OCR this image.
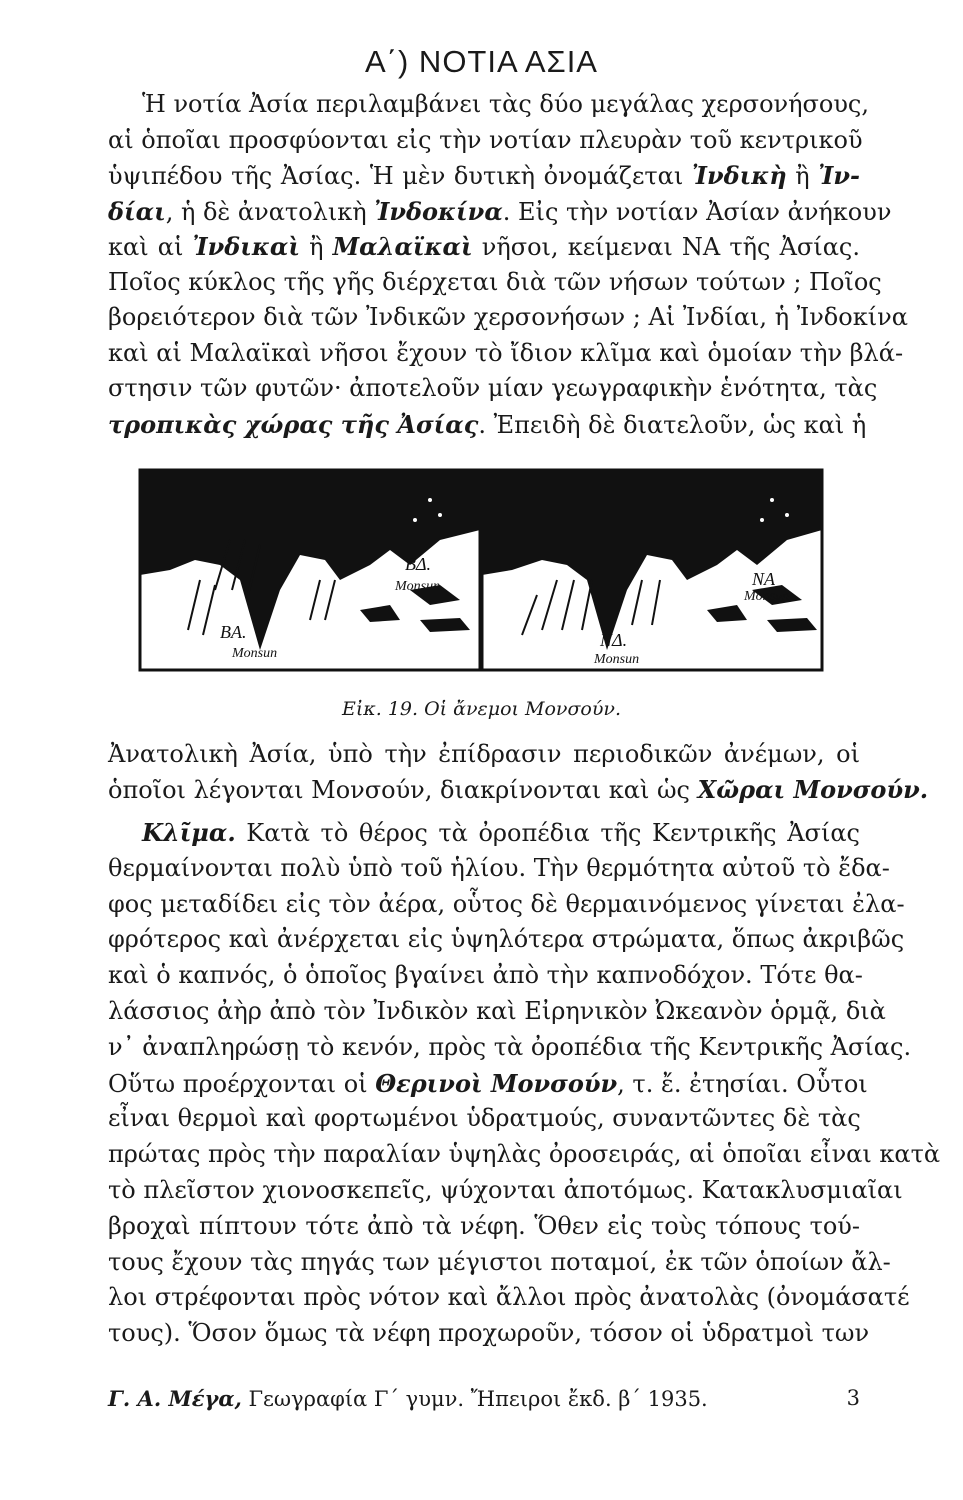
Α΄) ΝΟΤΙΑ ΑΣΙΑ
Ἡ νοτία Ἀσία περιλαμβάνει τὰς δύο μεγάλας χερσονήσους,
αἱ ὁποῖαι προσφύονται εἰς τὴν νοτίαν πλευρὰν τοῦ κεντρικοῦ
ὑψιπέδου τῆς Ἀσίας. Ἡ μὲν δυτικὴ ὀνομάζεται Ἰνδικὴ ἢ Ἰν-
δίαι, ἡ δὲ ἀνατολικὴ Ἰνδοκίνα. Εἰς τὴν νοτίαν Ἀσίαν ἀνήκουν
καὶ αἱ Ἰνδικαὶ ἢ Μαλαϊκαὶ νῆσοι, κείμεναι ΝΑ τῆς Ἀσίας.
Ποῖος κύκλος τῆς γῆς διέρχεται διὰ τῶν νήσων τούτων ; Ποῖος
βορειότερον διὰ τῶν Ἰνδικῶν χερσονήσων ; Αἱ Ἰνδίαι, ἡ Ἰνδοκίνα
καὶ αἱ Μαλαϊκαὶ νῆσοι ἔχουν τὸ ἴδιον κλῖμα καὶ ὁμοίαν τὴν βλά-
στησιν τῶν φυτῶν· ἀποτελοῦν μίαν γεωγραφικὴν ἑνότητα, τὰς
τροπικὰς χώρας τῆς Ἀσίας. Ἐπειδὴ δὲ διατελοῦν, ὡς καὶ ἡ
ΒΔ.
Monsun
ΒΑ.
Monsun
ΝΑ
Monsun
ΝΔ.
Monsun
Εἰκ. 19. Οἱ ἄνεμοι Μονσούν.
Ἀνατολικὴ Ἀσία, ὑπὸ τὴν ἐπίδρασιν περιοδικῶν ἀνέμων, οἱ
ὁποῖοι λέγονται Μονσούν, διακρίνονται καὶ ὡς Χῶραι Μονσούν.
Κλῖμα. Κατὰ τὸ θέρος τὰ ὀροπέδια τῆς Κεντρικῆς Ἀσίας
θερμαίνονται πολὺ ὑπὸ τοῦ ἡλίου. Τὴν θερμότητα αὐτοῦ τὸ ἔδα-
φος μεταδίδει εἰς τὸν ἀέρα, οὗτος δὲ θερμαινόμενος γίνεται ἐλα-
φρότερος καὶ ἀνέρχεται εἰς ὑψηλότερα στρώματα, ὅπως ἀκριβῶς
καὶ ὁ καπνός, ὁ ὁποῖος βγαίνει ἀπὸ τὴν καπνοδόχον. Τότε θα-
λάσσιος ἀὴρ ἀπὸ τὸν Ἰνδικὸν καὶ Εἰρηνικὸν Ὠκεανὸν ὁρμᾷ, διὰ
ν᾿ ἀναπληρώσῃ τὸ κενόν, πρὸς τὰ ὀροπέδια τῆς Κεντρικῆς Ἀσίας.
Οὕτω προέρχονται οἱ Θερινοὶ Μονσούν, τ. ἔ. ἐτησίαι. Οὗτοι
εἶναι θερμοὶ καὶ φορτωμένοι ὑδρατμούς, συναντῶντες δὲ τὰς
πρώτας πρὸς τὴν παραλίαν ὑψηλὰς ὀροσειράς, αἱ ὁποῖαι εἶναι κατὰ
τὸ πλεῖστον χιονοσκεπεῖς, ψύχονται ἀποτόμως. Κατακλυσμιαῖαι
βροχαὶ πίπτουν τότε ἀπὸ τὰ νέφη. Ὅθεν εἰς τοὺς τόπους τού-
τους ἔχουν τὰς πηγάς των μέγιστοι ποταμοί, ἐκ τῶν ὁποίων ἄλ-
λοι στρέφονται πρὸς νότον καὶ ἄλλοι πρὸς ἀνατολὰς (ὀνομάσατέ
τους). Ὅσον ὅμως τὰ νέφη προχωροῦν, τόσον οἱ ὑδρατμοὶ των
Γ. Α. Μέγα, Γεωγραφία Γ΄ γυμν. Ἤπειροι ἔκδ. β΄ 1935.	3
